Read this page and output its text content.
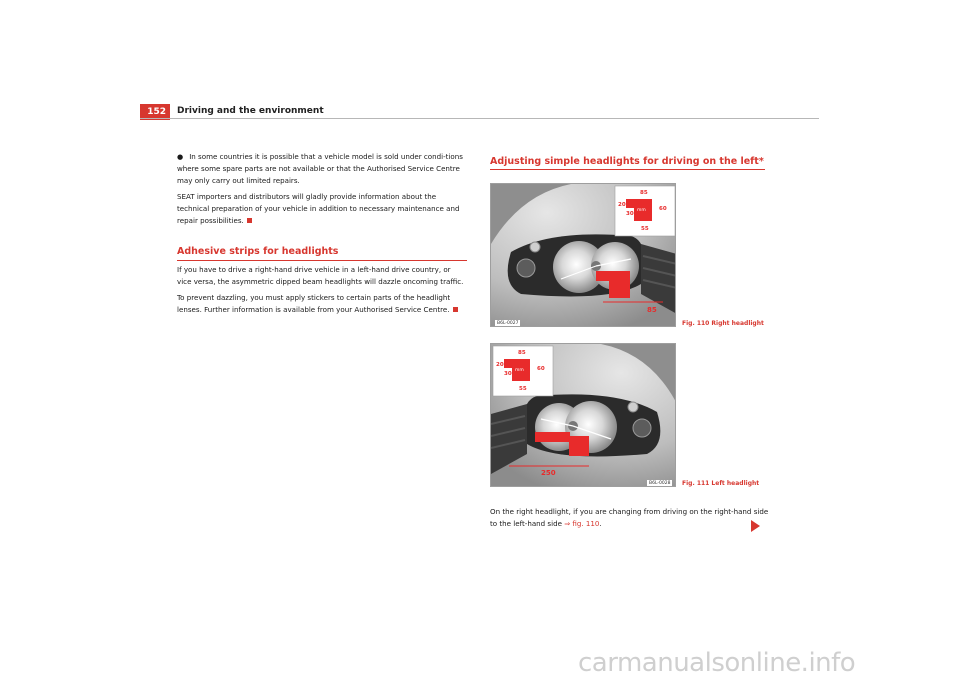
152	Driving and the environment

● In some countries it is possible that a vehicle model is sold under condi-tions where some spare parts are not available or that the Authorised Service Centre may only carry out limited repairs.

SEAT importers and distributors will gladly provide information about the technical preparation of your vehicle in addition to necessary maintenance and repair possibilities.

Adhesive strips for headlights

If you have to drive a right-hand drive vehicle in a left-hand drive country, or vice versa, the asymmetric dipped beam headlights will dazzle oncoming traffic.

To prevent dazzling, you must apply stickers to certain parts of the headlight lenses. Further information is available from your Authorised Service Centre.

Adjusting simple headlights for driving on the left*
85
85
20
30
mm 60
55
B6L-0027	Fig. 110 Right headlight
250
85
20
30
mm 60
55
B6L-0028	Fig. 111 Left headlight
On the right headlight, if you are changing from driving on the right-hand side to the left-hand side ⇒ fig. 110.
carmanualsonline.info
